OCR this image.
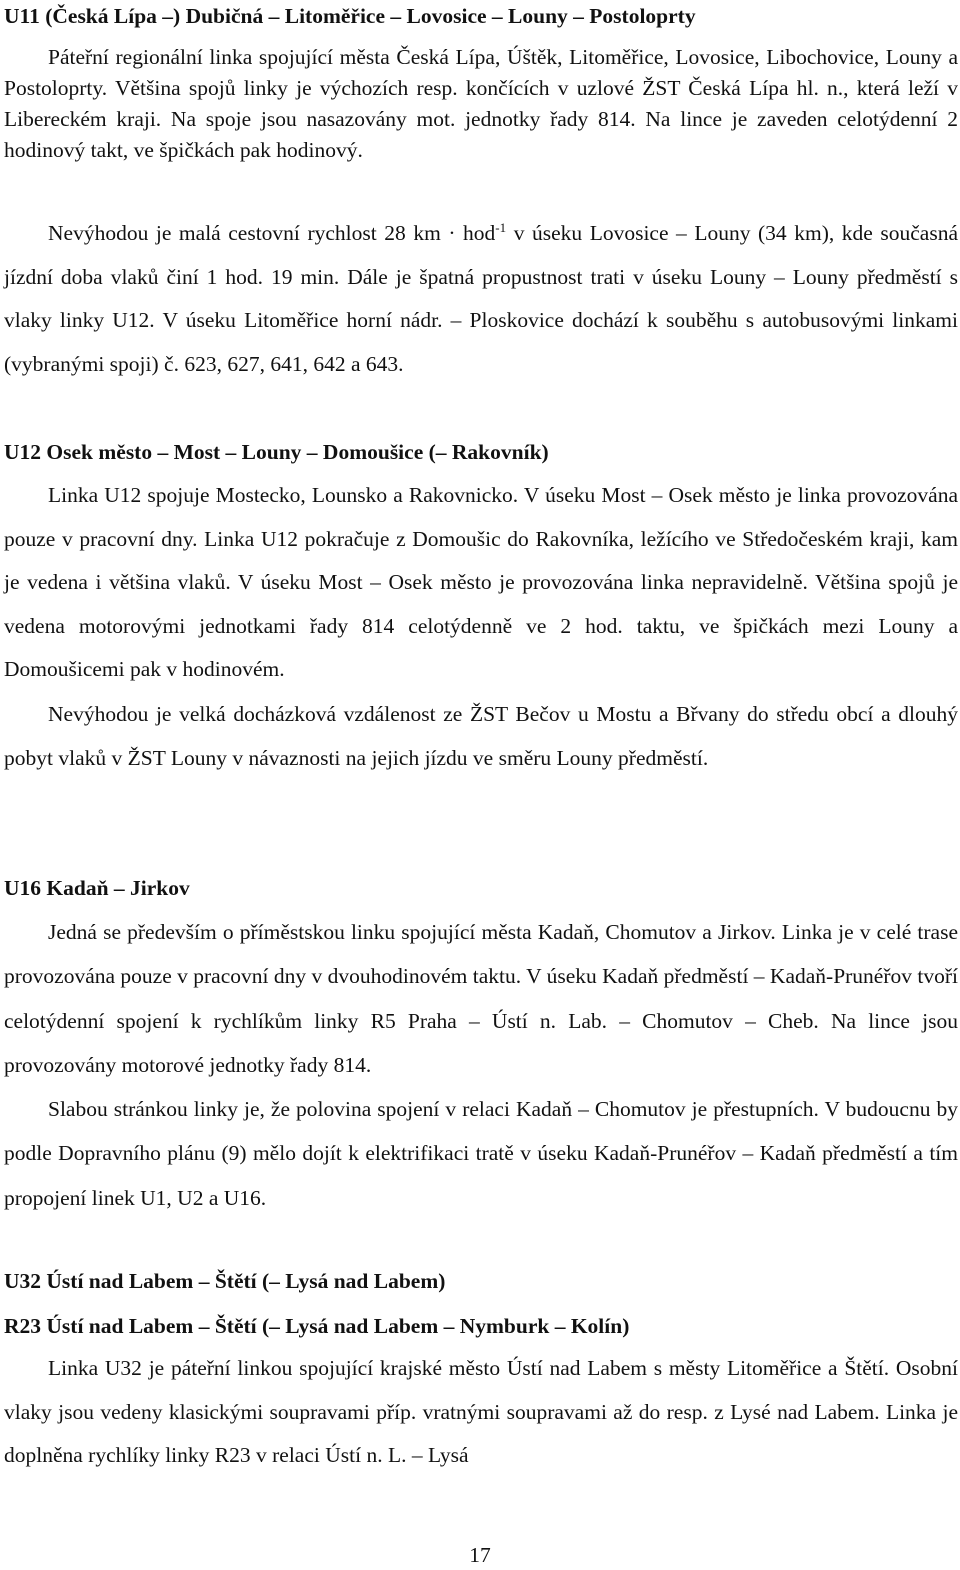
U11 (Česká Lípa –) Dubičná – Litoměřice – Lovosice – Louny – Postoloprty
Páteřní regionální linka spojující města Česká Lípa, Úštěk, Litoměřice, Lovosice, Libochovice, Louny a Postoloprty. Většina spojů linky je výchozích resp. končících v uzlové ŽST Česká Lípa hl. n., která leží v Libereckém kraji. Na spoje jsou nasazovány mot. jednotky řady 814. Na lince je zaveden celotýdenní 2 hodinový takt, ve špičkách pak hodinový.
Nevýhodou je malá cestovní rychlost 28 km · hod$^{-1}$ v úseku Lovosice – Louny (34 km), kde současná jízdní doba vlaků činí 1 hod. 19 min. Dále je špatná propustnost trati v úseku Louny – Louny předměstí s vlaky linky U12. V úseku Litoměřice horní nádr. – Ploskovice dochází k souběhu s autobusovými linkami (vybranými spoji) č. 623, 627, 641, 642 a 643.
U12 Osek město – Most – Louny – Domoušice (– Rakovník)
Linka U12 spojuje Mostecko, Lounsko a Rakovnicko. V úseku Most – Osek město je linka provozována pouze v pracovní dny. Linka U12 pokračuje z Domoušic do Rakovníka, ležícího ve Středočeském kraji, kam je vedena i většina vlaků. V úseku Most – Osek město je provozována linka nepravidelně. Většina spojů je vedena motorovými jednotkami řady 814 celotýdenně ve 2 hod. taktu, ve špičkách mezi Louny a Domoušicemi pak v hodinovém.
Nevýhodou je velká docházková vzdálenost ze ŽST Bečov u Mostu a Břvany do středu obcí a dlouhý pobyt vlaků v ŽST Louny v návaznosti na jejich jízdu ve směru Louny předměstí.
U16 Kadaň – Jirkov
Jedná se především o příměstskou linku spojující města Kadaň, Chomutov a Jirkov. Linka je v celé trase provozována pouze v pracovní dny v dvouhodinovém taktu. V úseku Kadaň předměstí – Kadaň-Prunéřov tvoří celotýdenní spojení k rychlíkům linky R5 Praha – Ústí n. Lab. – Chomutov – Cheb. Na lince jsou provozovány motorové jednotky řady 814.
Slabou stránkou linky je, že polovina spojení v relaci Kadaň – Chomutov je přestupních. V budoucnu by podle Dopravního plánu (9) mělo dojít k elektrifikaci tratě v úseku Kadaň-Prunéřov – Kadaň předměstí a tím propojení linek U1, U2 a U16.
U32 Ústí nad Labem – Štětí (– Lysá nad Labem)
R23 Ústí nad Labem – Štětí (– Lysá nad Labem – Nymburk – Kolín)
Linka U32 je páteřní linkou spojující krajské město Ústí nad Labem s městy Litoměřice a Štětí. Osobní vlaky jsou vedeny klasickými soupravami příp. vratnými soupravami až do resp. z Lysé nad Labem. Linka je doplněna rychlíky linky R23 v relaci Ústí n. L. – Lysá
17
